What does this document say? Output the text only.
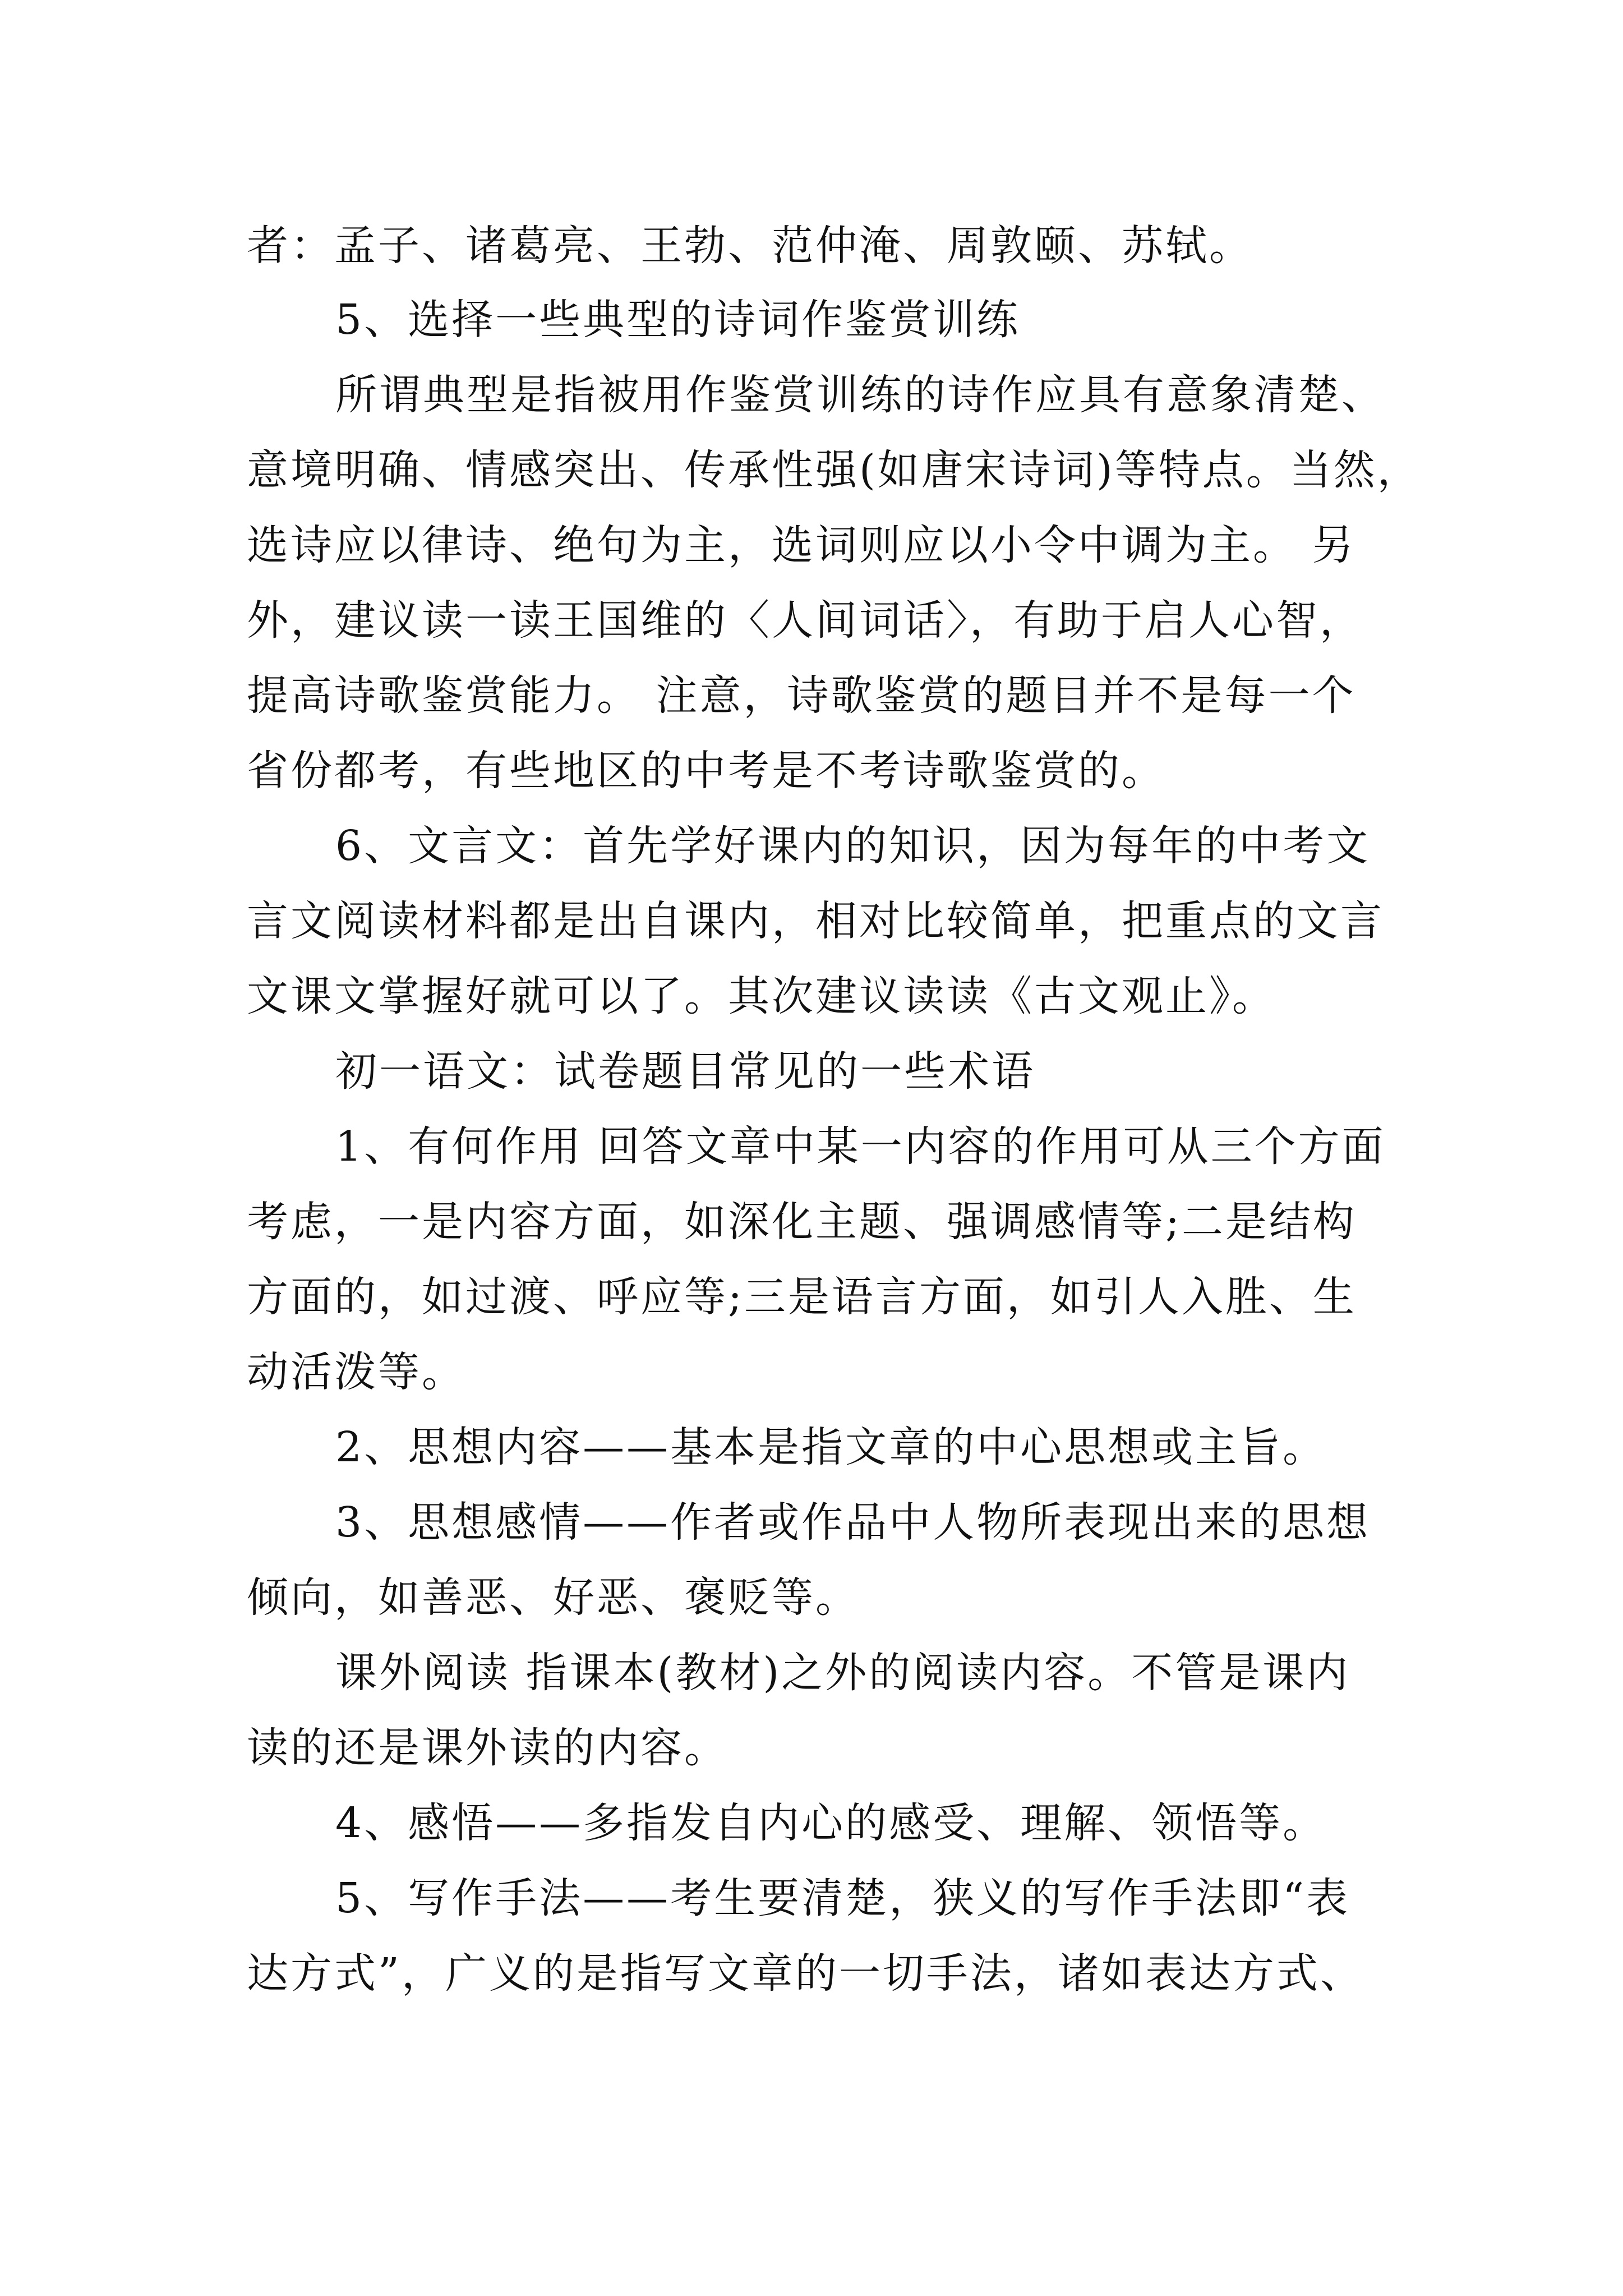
者：孟子、诸葛亮、王勃、范仲淹、周敦颐、苏轼。
5、选择一些典型的诗词作鉴赏训练
所谓典型是指被用作鉴赏训练的诗作应具有意象清楚、
意境明确、情感突出、传承性强(如唐宋诗词)等特点。当然，
选诗应以律诗、绝句为主，选词则应以小令中调为主。 另
外，建议读一读王国维的〈人间词话〉，有助于启人心智，
提高诗歌鉴赏能力。 注意，诗歌鉴赏的题目并不是每一个
省份都考，有些地区的中考是不考诗歌鉴赏的。
6、文言文：首先学好课内的知识，因为每年的中考文
言文阅读材料都是出自课内，相对比较简单，把重点的文言
文课文掌握好就可以了。其次建议读读《古文观止》。
初一语文：试卷题目常见的一些术语
1、有何作用 回答文章中某一内容的作用可从三个方面
考虑，一是内容方面，如深化主题、强调感情等;二是结构
方面的，如过渡、呼应等;三是语言方面，如引人入胜、生
动活泼等。
2、思想内容——基本是指文章的中心思想或主旨。
3、思想感情——作者或作品中人物所表现出来的思想
倾向，如善恶、好恶、褒贬等。
课外阅读 指课本(教材)之外的阅读内容。不管是课内
读的还是课外读的内容。
4、感悟——多指发自内心的感受、理解、领悟等。
5、写作手法——考生要清楚，狭义的写作手法即“表
达方式”，广义的是指写文章的一切手法，诸如表达方式、
